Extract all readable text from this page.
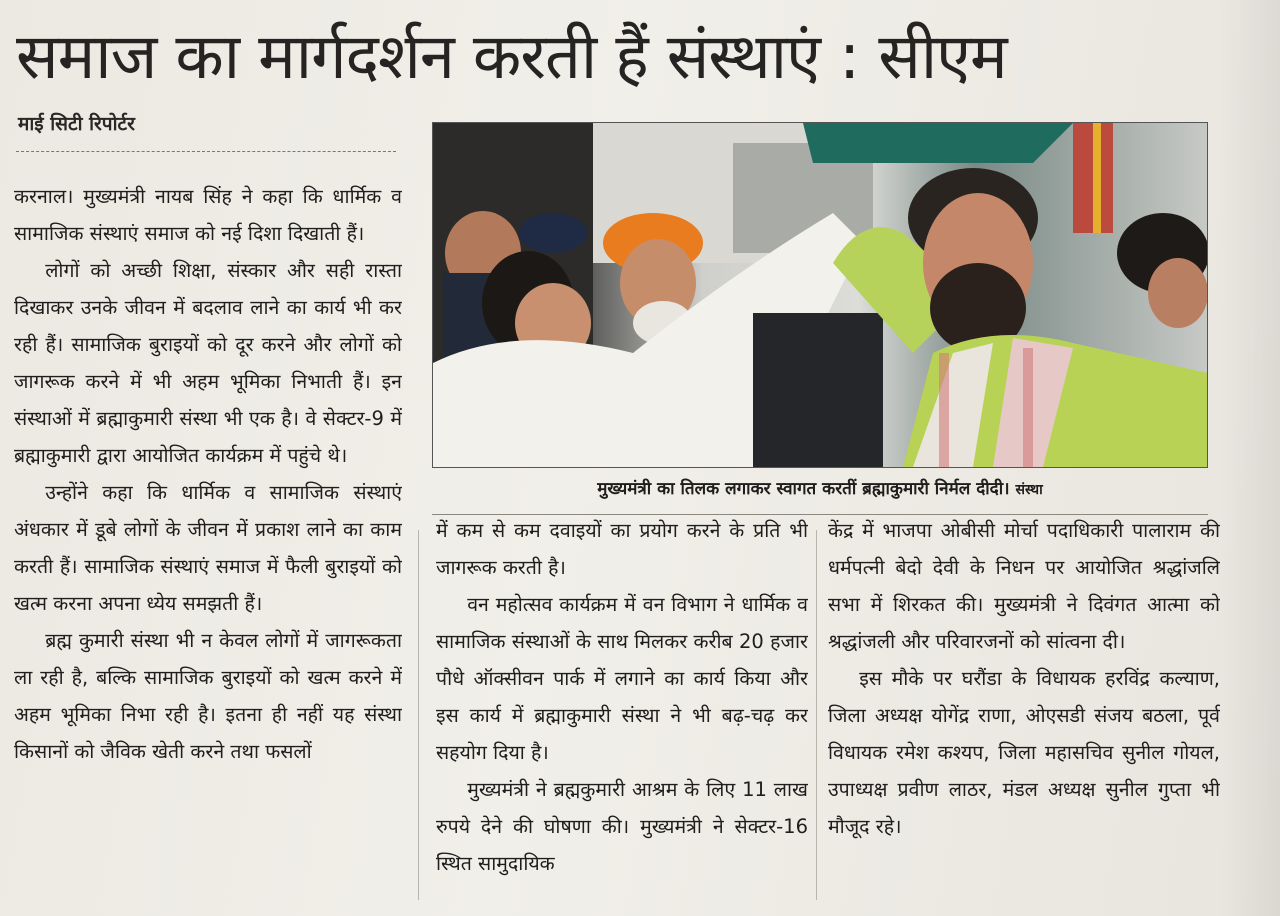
समाज का मार्गदर्शन करती हैं संस्थाएं : सीएम
माई सिटी रिपोर्टर

करनाल। मुख्यमंत्री नायब सिंह ने कहा कि धार्मिक व सामाजिक संस्थाएं समाज को नई दिशा दिखाती हैं।

लोगों को अच्छी शिक्षा, संस्कार और सही रास्ता दिखाकर उनके जीवन में बदलाव लाने का कार्य भी कर रही हैं। सामाजिक बुराइयों को दूर करने और लोगों को जागरूक करने में भी अहम भूमिका निभाती हैं। इन संस्थाओं में ब्रह्माकुमारी संस्था भी एक है। वे सेक्टर-9 में ब्रह्माकुमारी द्वारा आयोजित कार्यक्रम में पहुंचे थे।

उन्होंने कहा कि धार्मिक व सामाजिक संस्थाएं अंधकार में डूबे लोगों के जीवन में प्रकाश लाने का काम करती हैं। सामाजिक संस्थाएं समाज में फैली बुराइयों को खत्म करना अपना ध्येय समझती हैं।

ब्रह्म कुमारी संस्था भी न केवल लोगों में जागरूकता ला रही है, बल्कि सामाजिक बुराइयों को खत्म करने में अहम भूमिका निभा रही है। इतना ही नहीं यह संस्था किसानों को जैविक खेती करने तथा फसलों

मुख्यमंत्री का तिलक लगाकर स्वागत करतीं ब्रह्माकुमारी निर्मल दीदी। संस्था

में कम से कम दवाइयों का प्रयोग करने के प्रति भी जागरूक करती है।

वन महोत्सव कार्यक्रम में वन विभाग ने धार्मिक व सामाजिक संस्थाओं के साथ मिलकर करीब 20 हजार पौधे ऑक्सीवन पार्क में लगाने का कार्य किया और इस कार्य में ब्रह्माकुमारी संस्था ने भी बढ़-चढ़ कर सहयोग दिया है।

मुख्यमंत्री ने ब्रह्मकुमारी आश्रम के लिए 11 लाख रुपये देने की घोषणा की। मुख्यमंत्री ने सेक्टर-16 स्थित सामुदायिक

केंद्र में भाजपा ओबीसी मोर्चा पदाधिकारी पालाराम की धर्मपत्नी बेदो देवी के निधन पर आयोजित श्रद्धांजलि सभा में शिरकत की। मुख्यमंत्री ने दिवंगत आत्मा को श्रद्धांजली और परिवारजनों को सांत्वना दी।

इस मौके पर घरौंडा के विधायक हरविंद्र कल्याण, जिला अध्यक्ष योगेंद्र राणा, ओएसडी संजय बठला, पूर्व विधायक रमेश कश्यप, जिला महासचिव सुनील गोयल, उपाध्यक्ष प्रवीण लाठर, मंडल अध्यक्ष सुनील गुप्ता भी मौजूद रहे।
